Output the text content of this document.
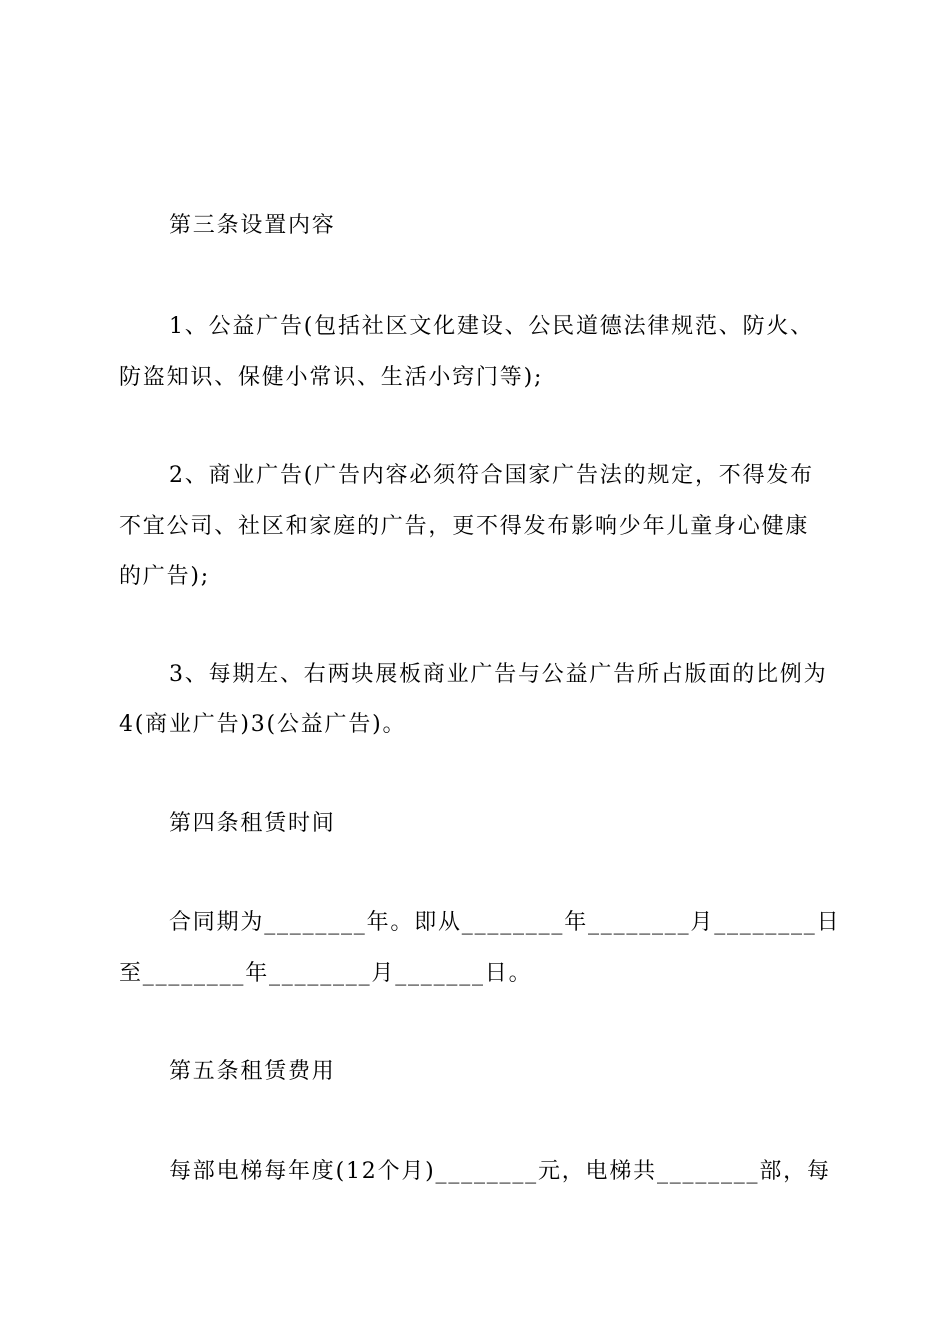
第三条设置内容
1、公益广告(包括社区文化建设、公民道德法律规范、防火、
防盗知识、保健小常识、生活小窍门等);
2、商业广告(广告内容必须符合国家广告法的规定，不得发布
不宜公司、社区和家庭的广告，更不得发布影响少年儿童身心健康
的广告);
3、每期左、右两块展板商业广告与公益广告所占版面的比例为
4(商业广告)3(公益广告)。
第四条租赁时间
合同期为________年。即从________年________月________日
至________年________月_______日。
第五条租赁费用
每部电梯每年度(12个月)________元，电梯共________部，每
